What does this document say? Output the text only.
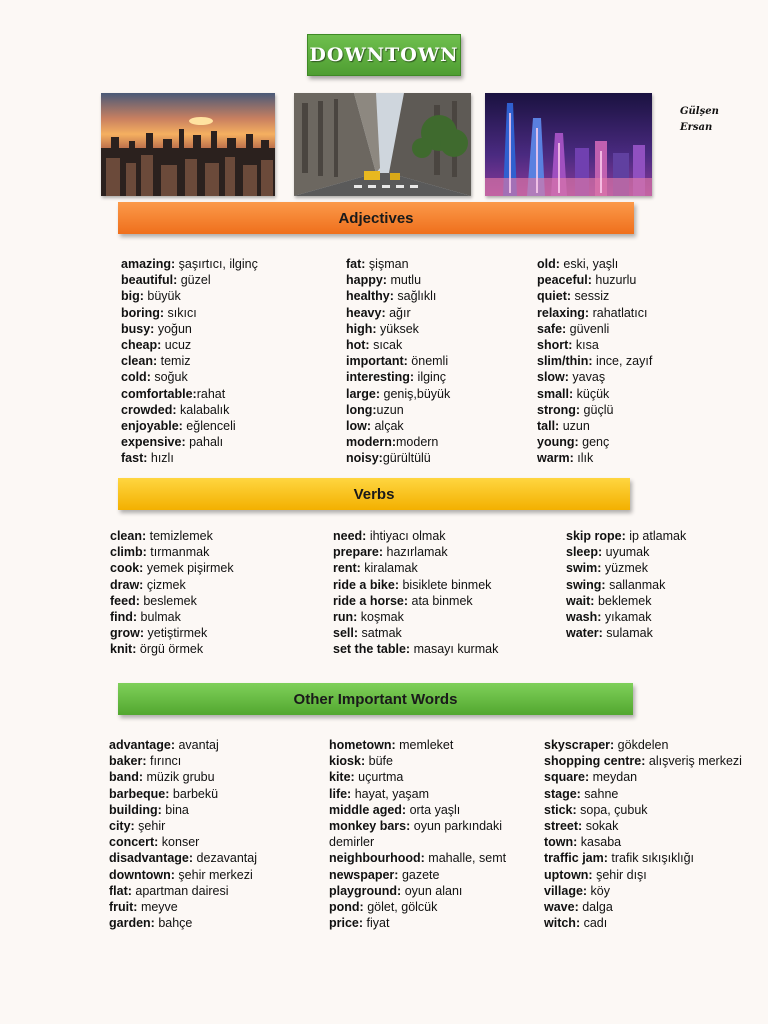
DOWNTOWN
Gülşen Ersan
Adjectives
amazing: şaşırtıcı, ilginç
beautiful: güzel
big: büyük
boring: sıkıcı
busy: yoğun
cheap: ucuz
clean: temiz
cold: soğuk
comfortable:rahat
crowded: kalabalık
enjoyable: eğlenceli
expensive: pahalı
fast: hızlı
fat: şişman
happy: mutlu
healthy: sağlıklı
heavy: ağır
high: yüksek
hot: sıcak
important: önemli
interesting: ilginç
large: geniş,büyük
long:uzun
low: alçak
modern:modern
noisy:gürültülü
old: eski, yaşlı
peaceful: huzurlu
quiet: sessiz
relaxing: rahatlatıcı
safe: güvenli
short: kısa
slim/thin: ince, zayıf
slow: yavaş
small: küçük
strong: güçlü
tall: uzun
young: genç
warm: ılık
Verbs
clean: temizlemek
climb: tırmanmak
cook: yemek pişirmek
draw: çizmek
feed: beslemek
find: bulmak
grow: yetiştirmek
knit: örgü örmek
need: ihtiyacı olmak
prepare: hazırlamak
rent: kiralamak
ride a bike: bisiklete binmek
ride a horse: ata binmek
run: koşmak
sell: satmak
set the table: masayı kurmak
skip rope: ip atlamak
sleep: uyumak
swim: yüzmek
swing: sallanmak
wait: beklemek
wash: yıkamak
water: sulamak
Other Important Words
advantage: avantaj
baker: fırıncı
band: müzik grubu
barbeque: barbekü
building: bina
city: şehir
concert: konser
disadvantage: dezavantaj
downtown: şehir merkezi
flat: apartman dairesi
fruit: meyve
garden: bahçe
hometown: memleket
kiosk: büfe
kite: uçurtma
life: hayat, yaşam
middle aged: orta yaşlı
monkey bars: oyun parkındaki demirler
neighbourhood: mahalle, semt
newspaper: gazete
playground: oyun alanı
pond: gölet, gölcük
price: fiyat
skyscraper: gökdelen
shopping centre: alışveriş merkezi
square: meydan
stage: sahne
stick: sopa, çubuk
street: sokak
town: kasaba
traffic jam: trafik sıkışıklığı
uptown: şehir dışı
village: köy
wave: dalga
witch: cadı
